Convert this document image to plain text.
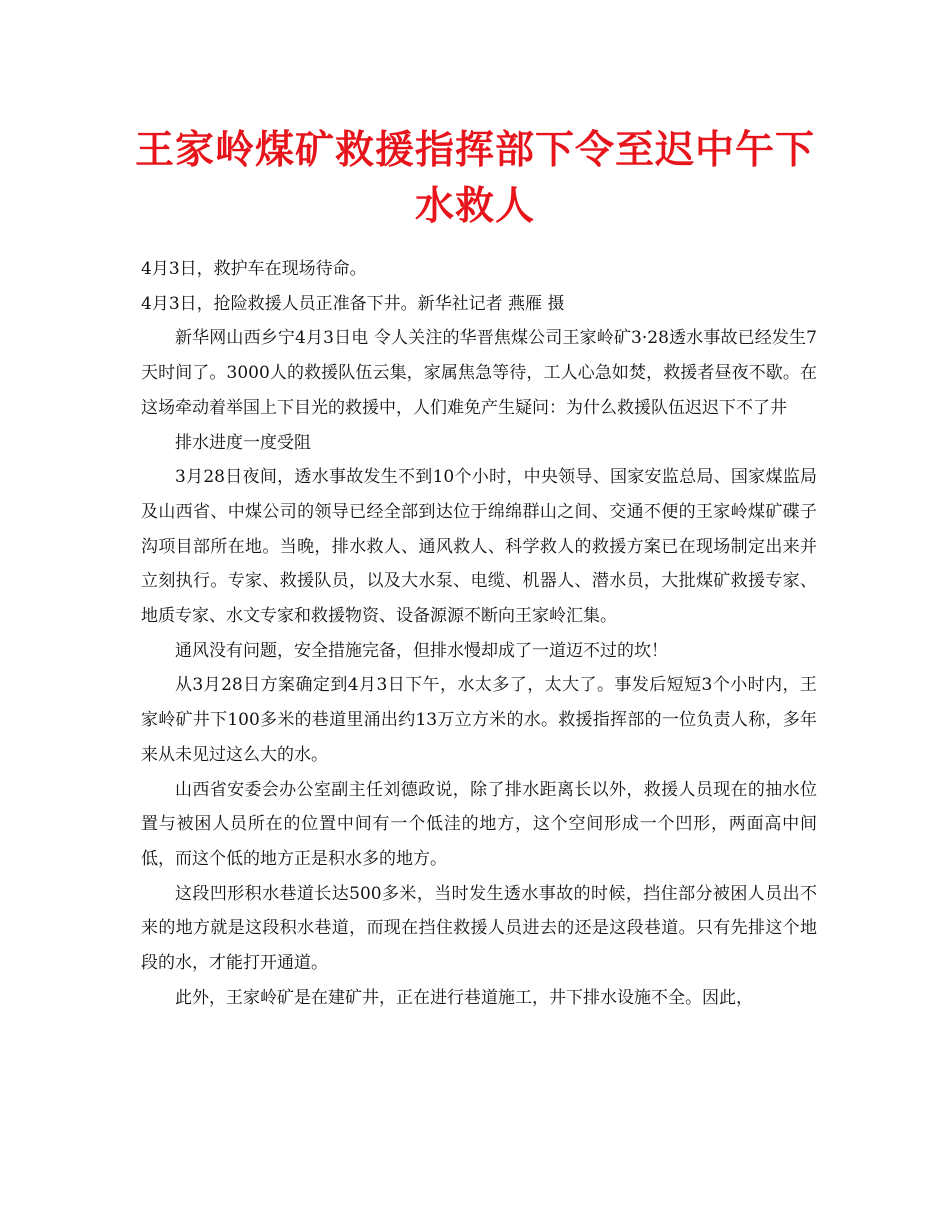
王家岭煤矿救援指挥部下令至迟中午下水救人

4月3日，救护车在现场待命。

4月3日，抢险救援人员正准备下井。新华社记者 燕雁 摄

新华网山西乡宁4月3日电 令人关注的华晋焦煤公司王家岭矿3·28透水事故已经发生7天时间了。3000人的救援队伍云集，家属焦急等待，工人心急如焚，救援者昼夜不歇。在这场牵动着举国上下目光的救援中，人们难免产生疑问：为什么救援队伍迟迟下不了井

排水进度一度受阻

3月28日夜间，透水事故发生不到10个小时，中央领导、国家安监总局、国家煤监局及山西省、中煤公司的领导已经全部到达位于绵绵群山之间、交通不便的王家岭煤矿碟子沟项目部所在地。当晚，排水救人、通风救人、科学救人的救援方案已在现场制定出来并立刻执行。专家、救援队员，以及大水泵、电缆、机器人、潜水员，大批煤矿救援专家、地质专家、水文专家和救援物资、设备源源不断向王家岭汇集。

通风没有问题，安全措施完备，但排水慢却成了一道迈不过的坎！

从3月28日方案确定到4月3日下午，水太多了，太大了。事发后短短3个小时内，王家岭矿井下100多米的巷道里涌出约13万立方米的水。救援指挥部的一位负责人称，多年来从未见过这么大的水。

山西省安委会办公室副主任刘德政说，除了排水距离长以外，救援人员现在的抽水位置与被困人员所在的位置中间有一个低洼的地方，这个空间形成一个凹形，两面高中间低，而这个低的地方正是积水多的地方。

这段凹形积水巷道长达500多米，当时发生透水事故的时候，挡住部分被困人员出不来的地方就是这段积水巷道，而现在挡住救援人员进去的还是这段巷道。只有先排这个地段的水，才能打开通道。

此外，王家岭矿是在建矿井，正在进行巷道施工，井下排水设施不全。因此，
